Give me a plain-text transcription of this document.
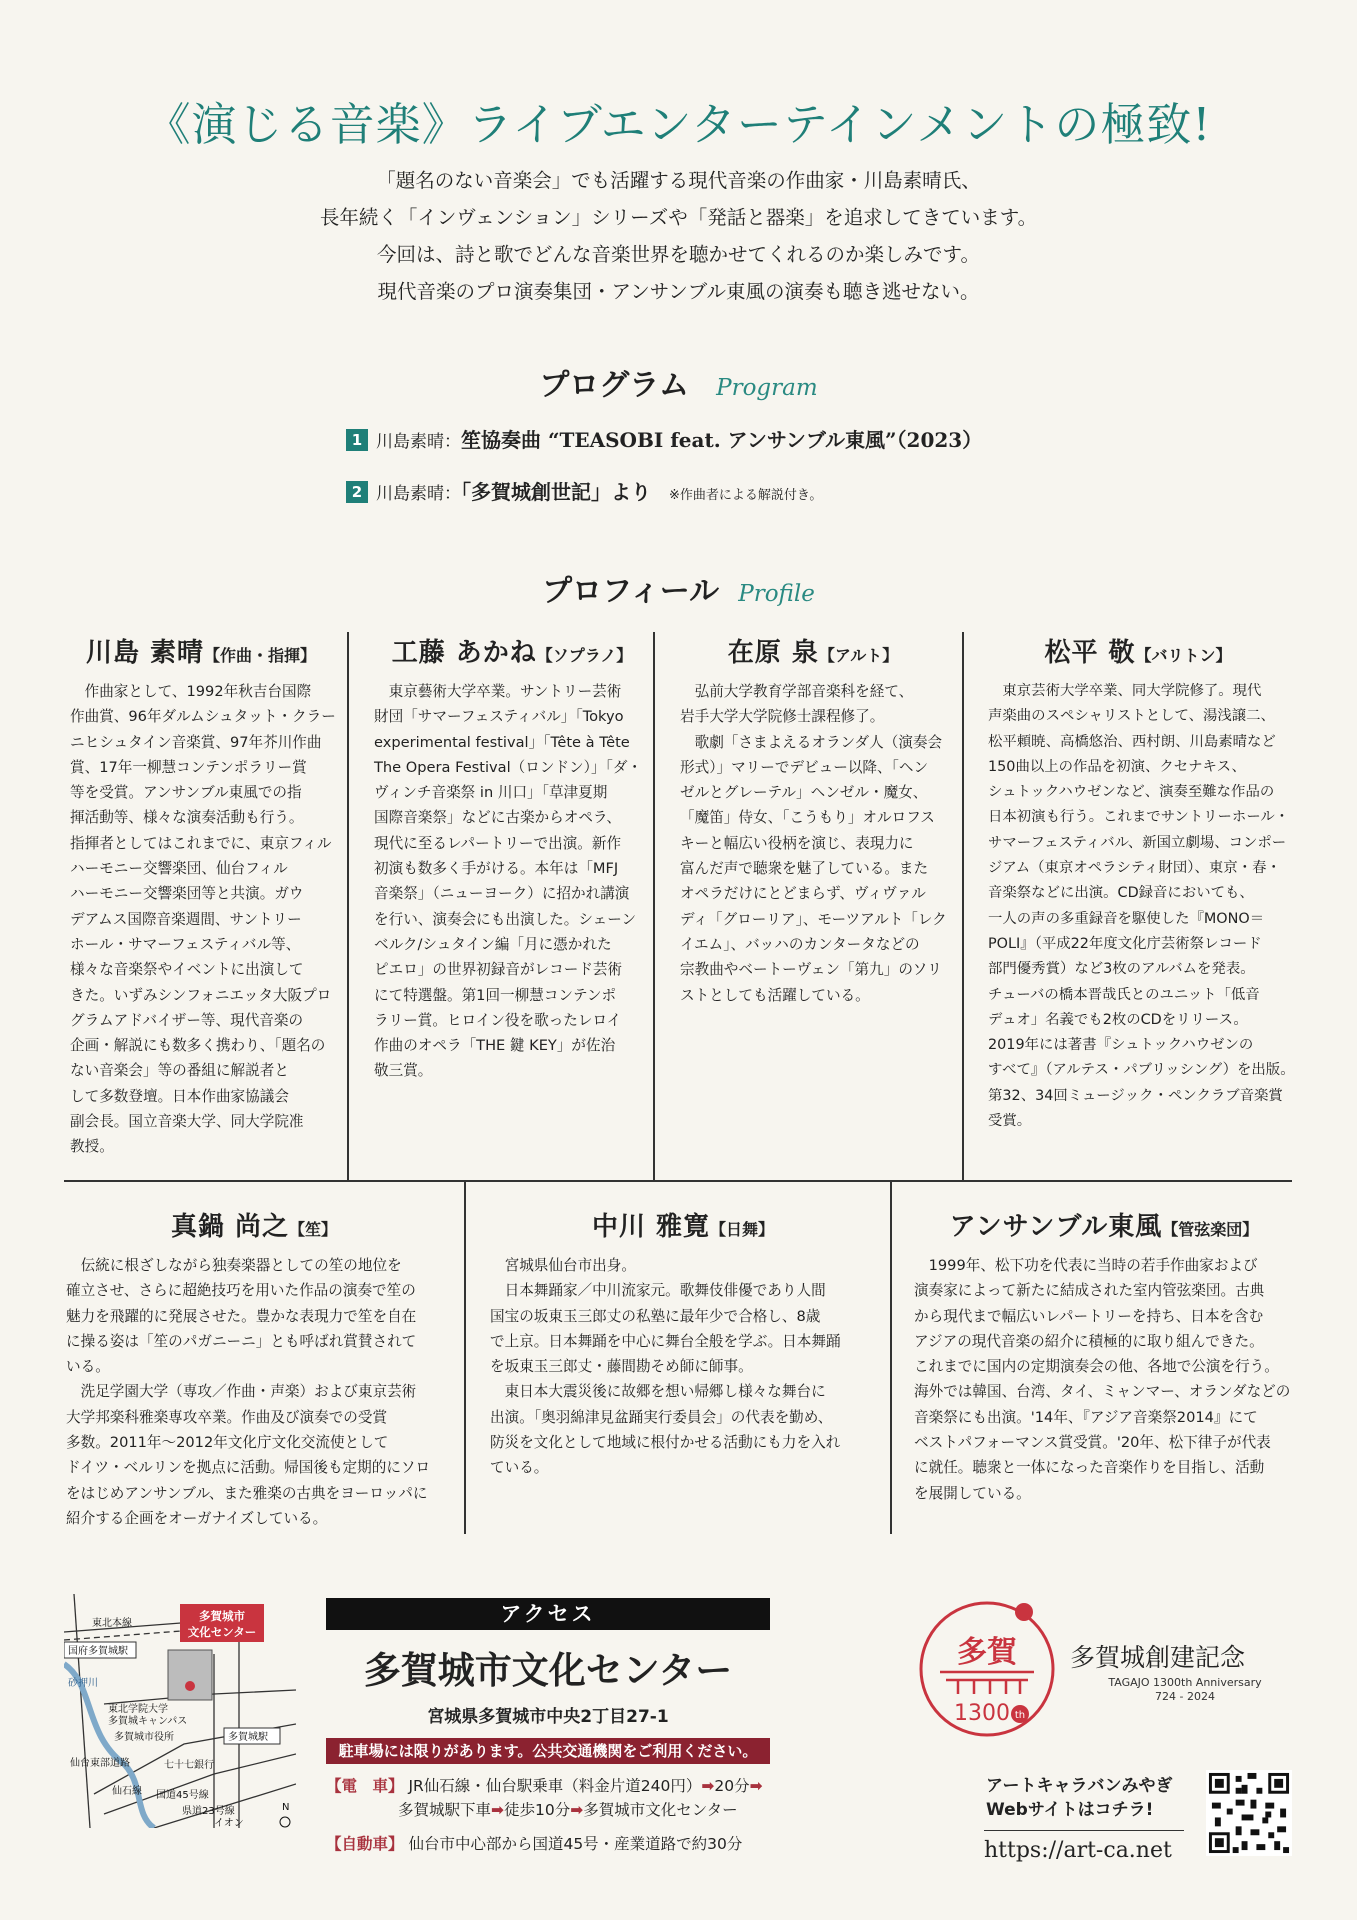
《演じる音楽》ライブエンターテインメントの極致!
「題名のない音楽会」でも活躍する現代音楽の作曲家・川島素晴氏、
長年続く「インヴェンション」シリーズや「発話と器楽」を追求してきています。
今回は、詩と歌でどんな音楽世界を聴かせてくれるのか楽しみです。
現代音楽のプロ演奏集団・アンサンブル東風の演奏も聴き逃せない。
プログラム Program
1 川島素晴：笙協奏曲 “TEASOBI feat. アンサンブル東風”（2023）
2 川島素晴：「多賀城創世記」より ※作曲者による解説付き。
プロフィール Profile
川島 素晴【作曲・指揮】
作曲家として、1992年秋吉台国際
作曲賞、96年ダルムシュタット・クラー
ニヒシュタイン音楽賞、97年芥川作曲
賞、17年一柳慧コンテンポラリー賞
等を受賞。アンサンブル東風での指
揮活動等、様々な演奏活動も行う。
指揮者としてはこれまでに、東京フィル
ハーモニー交響楽団、仙台フィル
ハーモニー交響楽団等と共演。ガウ
デアムス国際音楽週間、サントリー
ホール・サマーフェスティバル等、
様々な音楽祭やイベントに出演して
きた。いずみシンフォニエッタ大阪プロ
グラムアドバイザー等、現代音楽の
企画・解説にも数多く携わり、「題名の
ない音楽会」等の番組に解説者と
して多数登壇。日本作曲家協議会
副会長。国立音楽大学、同大学院准
教授。
工藤 あかね【ソプラノ】
東京藝術大学卒業。サントリー芸術
財団「サマーフェスティバル」「Tokyo
experimental festival」「Tête à Tête
The Opera Festival（ロンドン）」「ダ・
ヴィンチ音楽祭 in 川口」「草津夏期
国際音楽祭」などに古楽からオペラ、
現代に至るレパートリーで出演。新作
初演も数多く手がける。本年は「MFJ
音楽祭」（ニューヨーク）に招かれ講演
を行い、演奏会にも出演した。シェーン
ベルク/シュタイン編「月に憑かれた
ピエロ」の世界初録音がレコード芸術
にて特選盤。第1回一柳慧コンテンポ
ラリー賞。ヒロイン役を歌ったレロイ
作曲のオペラ「THE 鍵 KEY」が佐治
敬三賞。
在原 泉【アルト】
弘前大学教育学部音楽科を経て、
岩手大学大学院修士課程修了。
歌劇「さまよえるオランダ人（演奏会
形式）」マリーでデビュー以降、「ヘン
ゼルとグレーテル」ヘンゼル・魔女、
「魔笛」侍女、「こうもり」オルロフス
キーと幅広い役柄を演じ、表現力に
富んだ声で聴衆を魅了している。また
オペラだけにとどまらず、ヴィヴァル
ディ「グローリア」、モーツアルト「レク
イエム」、バッハのカンタータなどの
宗教曲やベートーヴェン「第九」のソリ
ストとしても活躍している。
松平 敬【バリトン】
東京芸術大学卒業、同大学院修了。現代
声楽曲のスペシャリストとして、湯浅譲二、
松平頼暁、高橋悠治、西村朗、川島素晴など
150曲以上の作品を初演、クセナキス、
シュトックハウゼンなど、演奏至難な作品の
日本初演も行う。これまでサントリーホール・
サマーフェスティバル、新国立劇場、コンポー
ジアム（東京オペラシティ財団）、東京・春・
音楽祭などに出演。CD録音においても、
一人の声の多重録音を駆使した『MONO＝
POLI』（平成22年度文化庁芸術祭レコード
部門優秀賞）など3枚のアルバムを発表。
チューバの橋本晋哉氏とのユニット「低音
デュオ」名義でも2枚のCDをリリース。
2019年には著書『シュトックハウゼンの
すべて』（アルテス・パブリッシング）を出版。
第32、34回ミュージック・ペンクラブ音楽賞
受賞。
真鍋 尚之【笙】
伝統に根ざしながら独奏楽器としての笙の地位を
確立させ、さらに超絶技巧を用いた作品の演奏で笙の
魅力を飛躍的に発展させた。豊かな表現力で笙を自在
に操る姿は「笙のパガニーニ」とも呼ばれ賞賛されて
いる。
洗足学園大学（専攻／作曲・声楽）および東京芸術
大学邦楽科雅楽専攻卒業。作曲及び演奏での受賞
多数。2011年～2012年文化庁文化交流使として
ドイツ・ベルリンを拠点に活動。帰国後も定期的にソロ
をはじめアンサンブル、また雅楽の古典をヨーロッパに
紹介する企画をオーガナイズしている。
中川 雅寛【日舞】
宮城県仙台市出身。
日本舞踊家／中川流家元。歌舞伎俳優であり人間
国宝の坂東玉三郎丈の私塾に最年少で合格し、8歳
で上京。日本舞踊を中心に舞台全般を学ぶ。日本舞踊
を坂東玉三郎丈・藤間勘そめ師に師事。
東日本大震災後に故郷を想い帰郷し様々な舞台に
出演。「奥羽綿津見盆踊実行委員会」の代表を勤め、
防災を文化として地域に根付かせる活動にも力を入れ
ている。
アンサンブル東風【管弦楽団】
1999年、松下功を代表に当時の若手作曲家および
演奏家によって新たに結成された室内管弦楽団。古典
から現代まで幅広いレパートリーを持ち、日本を含む
アジアの現代音楽の紹介に積極的に取り組んできた。
これまでに国内の定期演奏会の他、各地で公演を行う。
海外では韓国、台湾、タイ、ミャンマー、オランダなどの
音楽祭にも出演。'14年、『アジア音楽祭2014』にて
ベストパフォーマンス賞受賞。'20年、松下律子が代表
に就任。聴衆と一体になった音楽作りを目指し、活動
を展開している。
多賀城市
文化センター
東北本線
国府多賀城駅
砂押川
東北学院大学
多賀城キャンパス
多賀城市役所	多賀城駅
仙台東部道路	七十七銀行
仙石線 国道45号線
県道23号線
イオン
N
アクセス
多賀城市文化センター
宮城県多賀城市中央2丁目27-1
駐車場には限りがあります。公共交通機関をご利用ください。
【電　車】 JR仙石線・仙台駅乗車（料金片道240円）➡20分➡
多賀城駅下車➡徒歩10分➡多賀城市文化センター
【自動車】 仙台市中心部から国道45号・産業道路で約30分
多賀
1300 th
多賀城創建記念
TAGAJO 1300th Anniversary
724 - 2024
アートキャラバンみやぎ
Webサイトはコチラ!
https://art-ca.net
